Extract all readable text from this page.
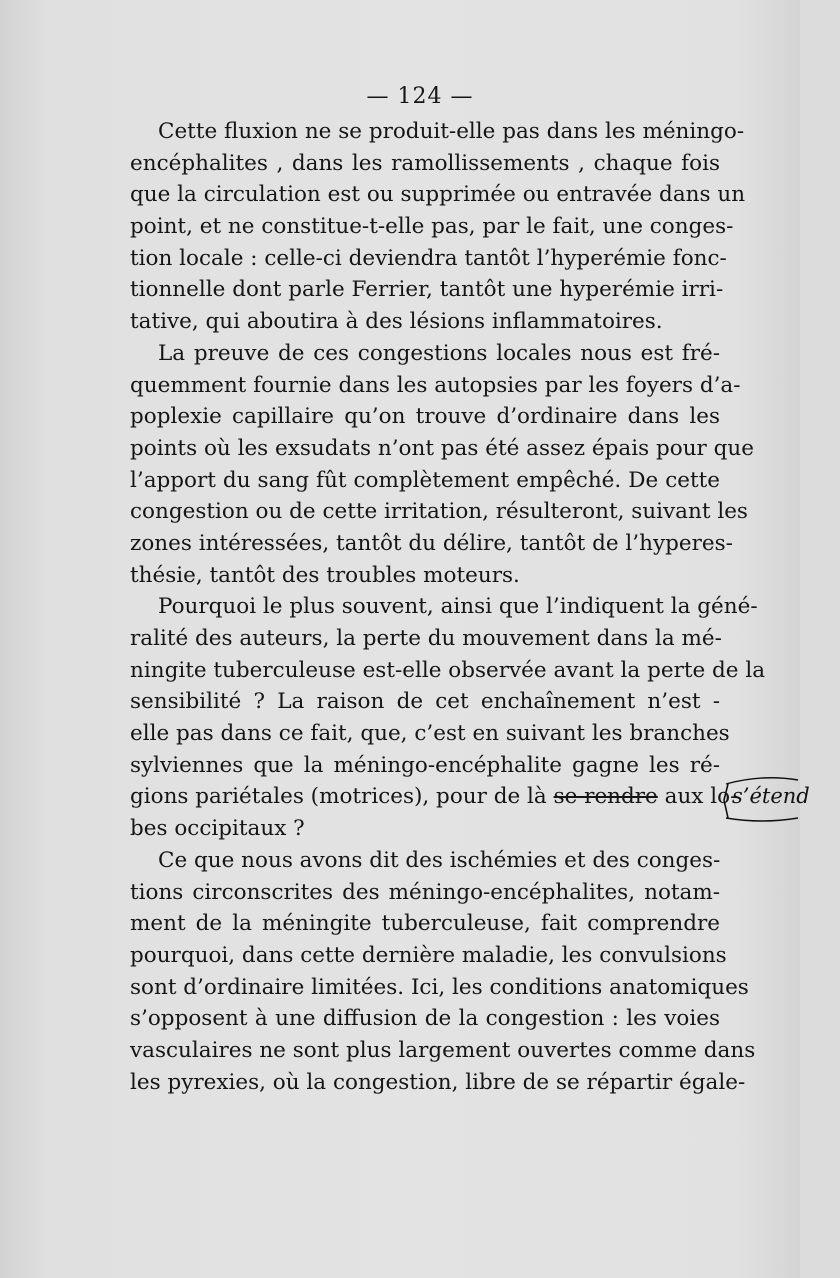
— 124 —
Cette fluxion ne se produit-elle pas dans les méningo-
encéphalites , dans les ramollissements , chaque fois
que la circulation est ou supprimée ou entravée dans un
point, et ne constitue-t-elle pas, par le fait, une conges-
tion locale : celle-ci deviendra tantôt l’hyperémie fonc-
tionnelle dont parle Ferrier, tantôt une hyperémie irri-
tative, qui aboutira à des lésions inflammatoires.
La preuve de ces congestions locales nous est fré-
quemment fournie dans les autopsies par les foyers d’a-
poplexie capillaire qu’on trouve d’ordinaire dans les
points où les exsudats n’ont pas été assez épais pour que
l’apport du sang fût complètement empêché. De cette
congestion ou de cette irritation, résulteront, suivant les
zones intéressées, tantôt du délire, tantôt de l’hyperes-
thésie, tantôt des troubles moteurs.
Pourquoi le plus souvent, ainsi que l’indiquent la géné-
ralité des auteurs, la perte du mouvement dans la mé-
ningite tuberculeuse est-elle observée avant la perte de la
sensibilité ? La raison de cet enchaînement n’est -
elle pas dans ce fait, que, c’est en suivant les branches
sylviennes que la méningo-encéphalite gagne les ré-
gions pariétales (motrices), pour de là se rendre aux lo-
bes occipitaux ?
Ce que nous avons dit des ischémies et des conges-
tions circonscrites des méningo-encéphalites, notam-
ment de la méningite tuberculeuse, fait comprendre
pourquoi, dans cette dernière maladie, les convulsions
sont d’ordinaire limitées. Ici, les conditions anatomiques
s’opposent à une diffusion de la congestion : les voies
vasculaires ne sont plus largement ouvertes comme dans
les pyrexies, où la congestion, libre de se répartir égale-
s’étend
